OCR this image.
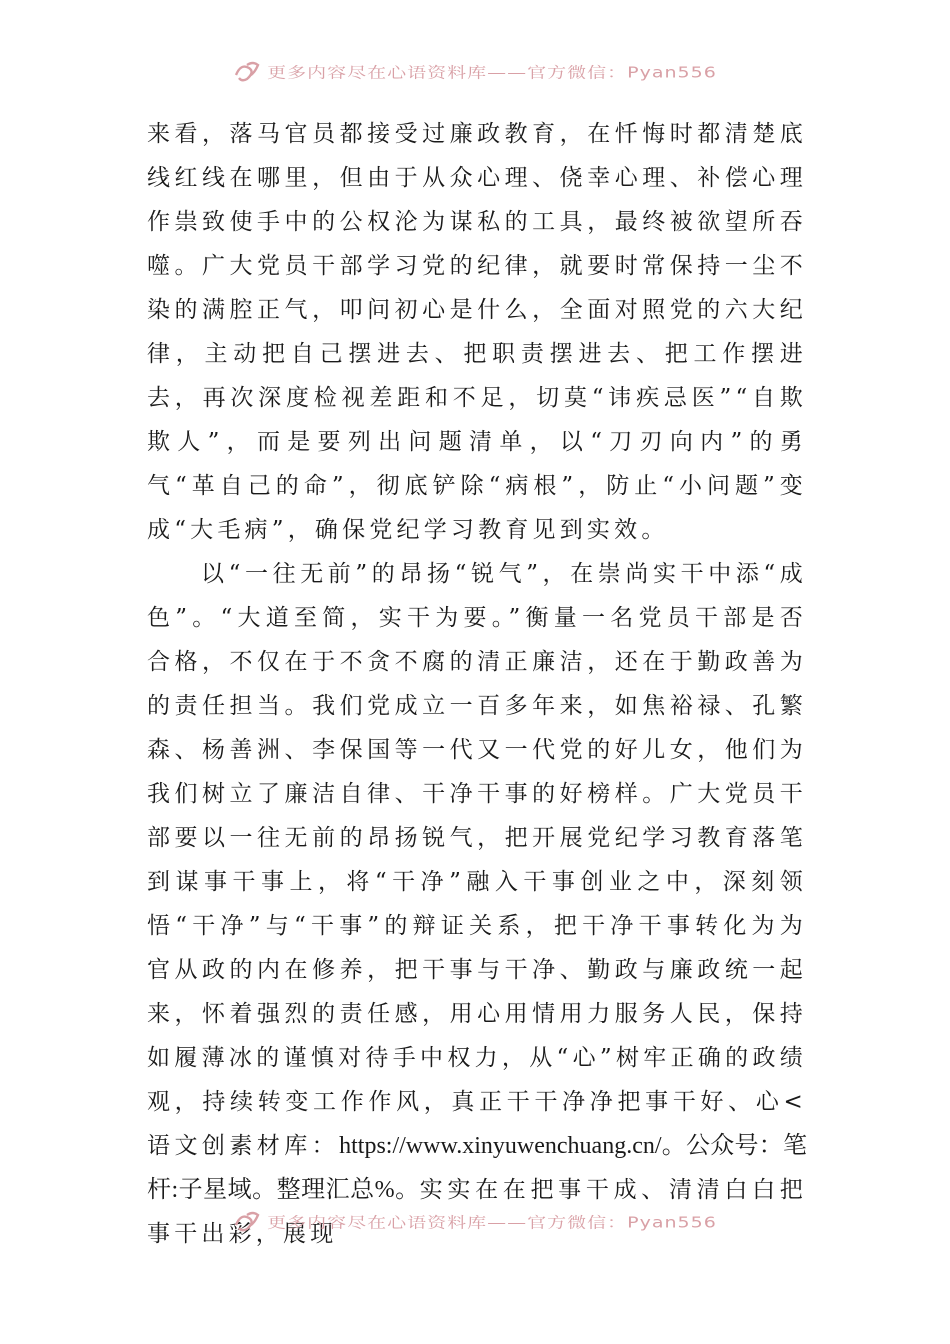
更多内容尽在心语资料库——官方微信：Pyan556

来看，落马官员都接受过廉政教育，在忏悔时都清楚底线红线在哪里，但由于从众心理、侥幸心理、补偿心理作祟致使手中的公权沦为谋私的工具，最终被欲望所吞噬。广大党员干部学习党的纪律，就要时常保持一尘不染的满腔正气，叩问初心是什么，全面对照党的六大纪律，主动把自己摆进去、把职责摆进去、把工作摆进去，再次深度检视差距和不足，切莫“讳疾忌医”“自欺欺人”，而是要列出问题清单，以“刀刃向内”的勇气“革自己的命”，彻底铲除“病根”，防止“小问题”变成“大毛病”，确保党纪学习教育见到实效。

以“一往无前”的昂扬“锐气”，在崇尚实干中添“成色”。“大道至简，实干为要。”衡量一名党员干部是否合格，不仅在于不贪不腐的清正廉洁，还在于勤政善为的责任担当。我们党成立一百多年来，如焦裕禄、孔繁森、杨善洲、李保国等一代又一代党的好儿女，他们为我们树立了廉洁自律、干净干事的好榜样。广大党员干部要以一往无前的昂扬锐气，把开展党纪学习教育落笔到谋事干事上，将“干净”融入干事创业之中，深刻领悟“干净”与“干事”的辩证关系，把干净干事转化为为官从政的内在修养，把干事与干净、勤政与廉政统一起来，怀着强烈的责任感，用心用情用力服务人民，保持如履薄冰的谨慎对待手中权力，从“心”树牢正确的政绩观，持续转变工作作风，真正干干净净把事干好、心<语文创素材库：https://www.xinyuwenchuang.cn/。公众号：笔杆:子星域。整理汇总%。实实在在把事干成、清清白白把事干出彩，展现

更多内容尽在心语资料库——官方微信：Pyan556
